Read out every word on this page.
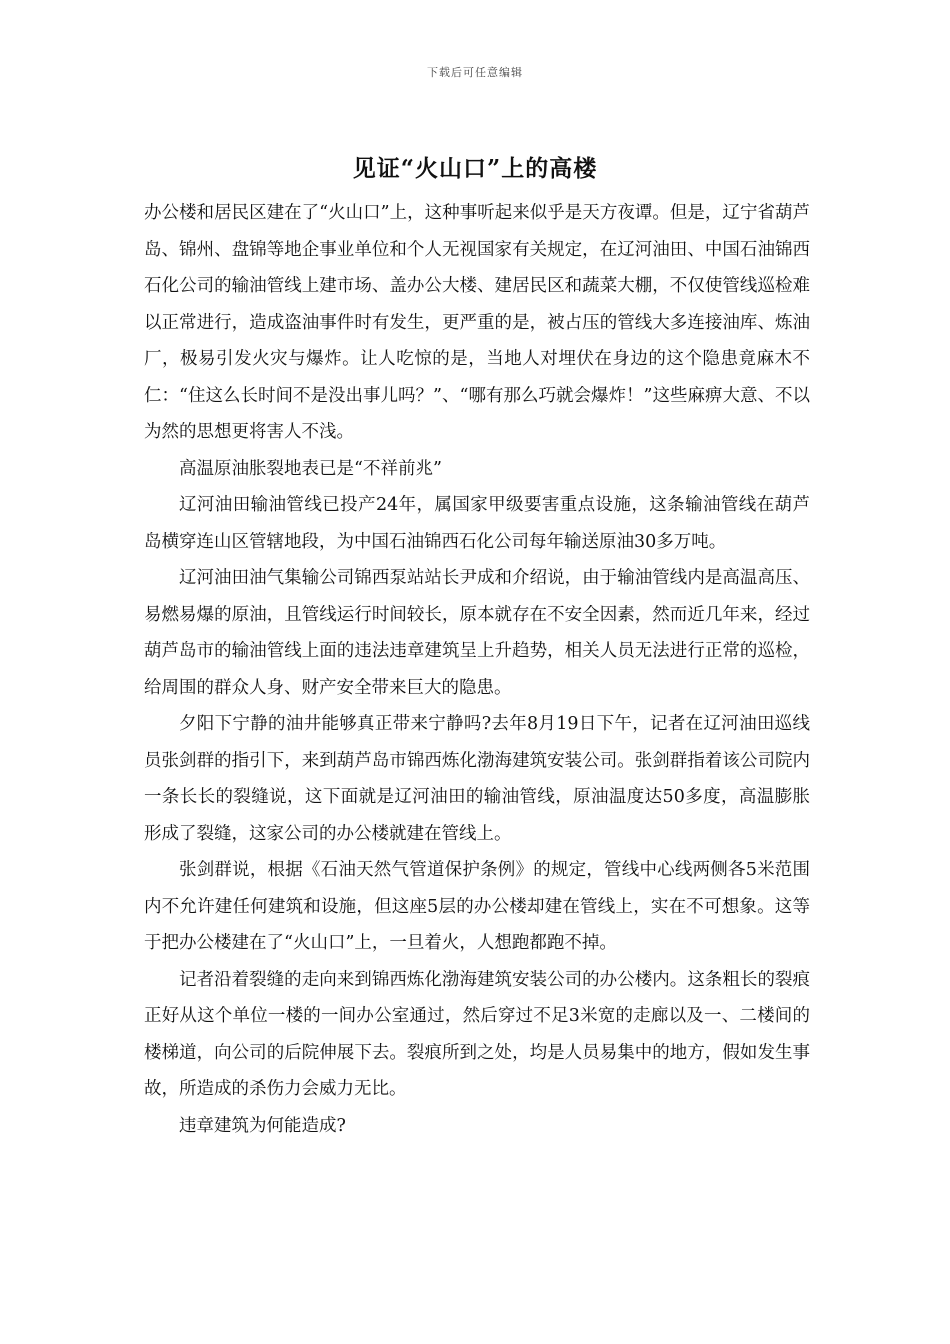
下载后可任意编辑
见证“火山口”上的高楼

办公楼和居民区建在了“火山口”上，这种事听起来似乎是天方夜谭。但是，辽宁省葫芦岛、锦州、盘锦等地企事业单位和个人无视国家有关规定，在辽河油田、中国石油锦西石化公司的输油管线上建市场、盖办公大楼、建居民区和蔬菜大棚，不仅使管线巡检难以正常进行，造成盗油事件时有发生，更严重的是，被占压的管线大多连接油库、炼油厂，极易引发火灾与爆炸。让人吃惊的是，当地人对埋伏在身边的这个隐患竟麻木不仁：“住这么长时间不是没出事儿吗？”、“哪有那么巧就会爆炸！”这些麻痹大意、不以为然的思想更将害人不浅。

高温原油胀裂地表已是“不祥前兆”

辽河油田输油管线已投产24年，属国家甲级要害重点设施，这条输油管线在葫芦岛横穿连山区管辖地段，为中国石油锦西石化公司每年输送原油30多万吨。

辽河油田油气集输公司锦西泵站站长尹成和介绍说，由于输油管线内是高温高压、易燃易爆的原油，且管线运行时间较长，原本就存在不安全因素，然而近几年来，经过葫芦岛市的输油管线上面的违法违章建筑呈上升趋势，相关人员无法进行正常的巡检，给周围的群众人身、财产安全带来巨大的隐患。

夕阳下宁静的油井能够真正带来宁静吗?去年8月19日下午，记者在辽河油田巡线员张剑群的指引下，来到葫芦岛市锦西炼化渤海建筑安装公司。张剑群指着该公司院内一条长长的裂缝说，这下面就是辽河油田的输油管线，原油温度达50多度，高温膨胀形成了裂缝，这家公司的办公楼就建在管线上。

张剑群说，根据《石油天然气管道保护条例》的规定，管线中心线两侧各5米范围内不允许建任何建筑和设施，但这座5层的办公楼却建在管线上，实在不可想象。这等于把办公楼建在了“火山口”上，一旦着火，人想跑都跑不掉。

记者沿着裂缝的走向来到锦西炼化渤海建筑安装公司的办公楼内。这条粗长的裂痕正好从这个单位一楼的一间办公室通过，然后穿过不足3米宽的走廊以及一、二楼间的楼梯道，向公司的后院伸展下去。裂痕所到之处，均是人员易集中的地方，假如发生事故，所造成的杀伤力会威力无比。

违章建筑为何能造成?
